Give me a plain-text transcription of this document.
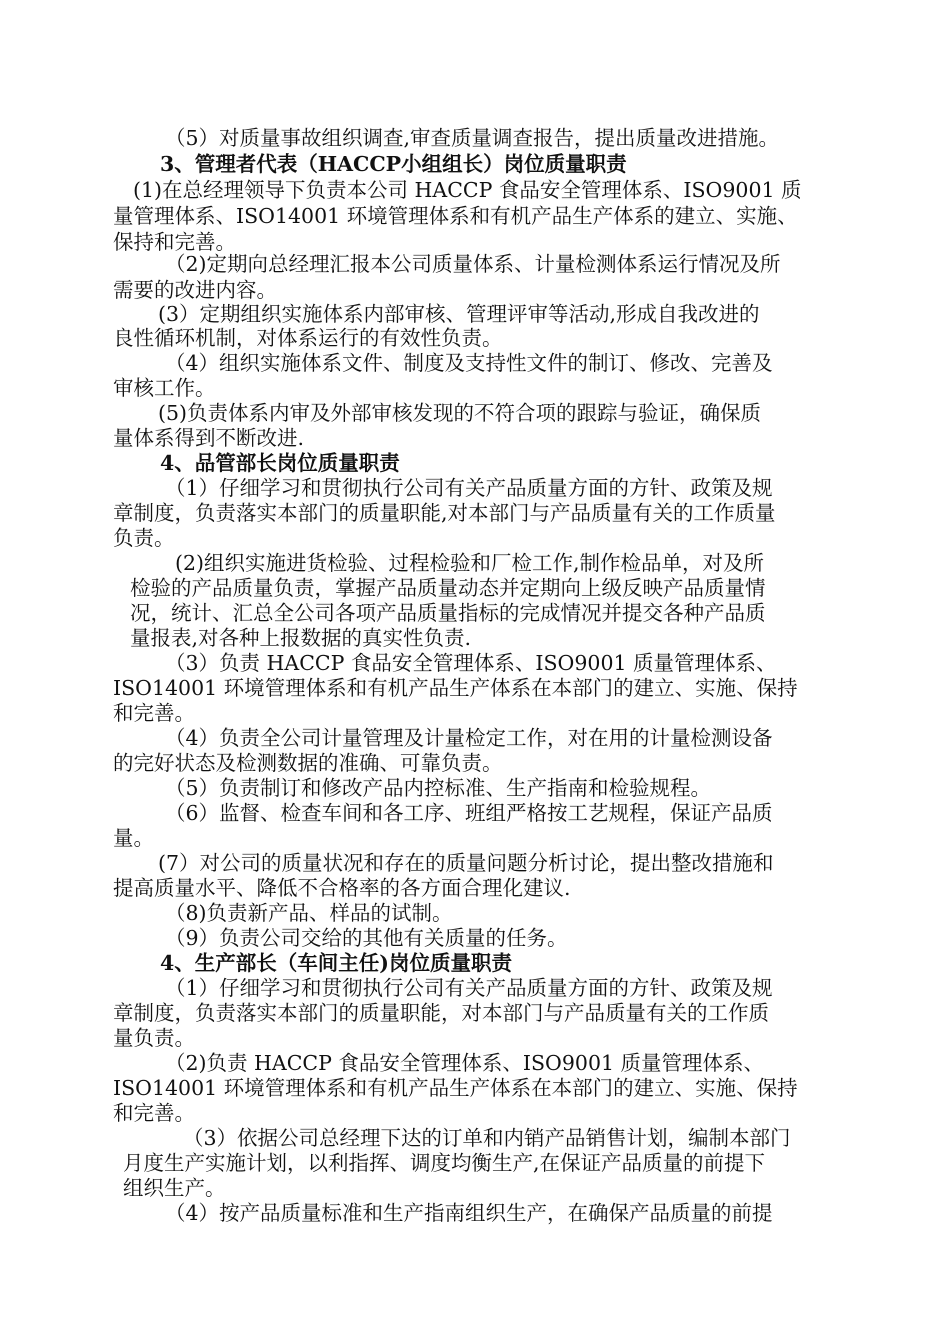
（5）对质量事故组织调查,审查质量调查报告，提出质量改进措施。
3、管理者代表（HACCP小组组长）岗位质量职责
(1)在总经理领导下负责本公司 HACCP 食品安全管理体系、ISO9001 质
量管理体系、ISO14001 环境管理体系和有机产品生产体系的建立、实施、
保持和完善。
（2)定期向总经理汇报本公司质量体系、计量检测体系运行情况及所
需要的改进内容。
(3）定期组织实施体系内部审核、管理评审等活动,形成自我改进的
良性循环机制，对体系运行的有效性负责。
（4）组织实施体系文件、制度及支持性文件的制订、修改、完善及
审核工作。
(5)负责体系内审及外部审核发现的不符合项的跟踪与验证，确保质
量体系得到不断改进.
4、品管部长岗位质量职责
（1）仔细学习和贯彻执行公司有关产品质量方面的方针、政策及规
章制度，负责落实本部门的质量职能,对本部门与产品质量有关的工作质量
负责。
(2)组织实施进货检验、过程检验和厂检工作,制作检品单，对及所
检验的产品质量负责，掌握产品质量动态并定期向上级反映产品质量情
况，统计、汇总全公司各项产品质量指标的完成情况并提交各种产品质
量报表,对各种上报数据的真实性负责.
（3）负责 HACCP 食品安全管理体系、ISO9001 质量管理体系、
ISO14001 环境管理体系和有机产品生产体系在本部门的建立、实施、保持
和完善。
（4）负责全公司计量管理及计量检定工作，对在用的计量检测设备
的完好状态及检测数据的准确、可靠负责。
（5）负责制订和修改产品内控标准、生产指南和检验规程。
（6）监督、检查车间和各工序、班组严格按工艺规程，保证产品质
量。
(7）对公司的质量状况和存在的质量问题分析讨论，提出整改措施和
提高质量水平、降低不合格率的各方面合理化建议.
（8)负责新产品、样品的试制。
（9）负责公司交给的其他有关质量的任务。
4、生产部长（车间主任)岗位质量职责
（1）仔细学习和贯彻执行公司有关产品质量方面的方针、政策及规
章制度，负责落实本部门的质量职能，对本部门与产品质量有关的工作质
量负责。
（2)负责 HACCP 食品安全管理体系、ISO9001 质量管理体系、
ISO14001 环境管理体系和有机产品生产体系在本部门的建立、实施、保持
和完善。
（3）依据公司总经理下达的订单和内销产品销售计划，编制本部门
月度生产实施计划，以利指挥、调度均衡生产,在保证产品质量的前提下
组织生产。
（4）按产品质量标准和生产指南组织生产，在确保产品质量的前提
